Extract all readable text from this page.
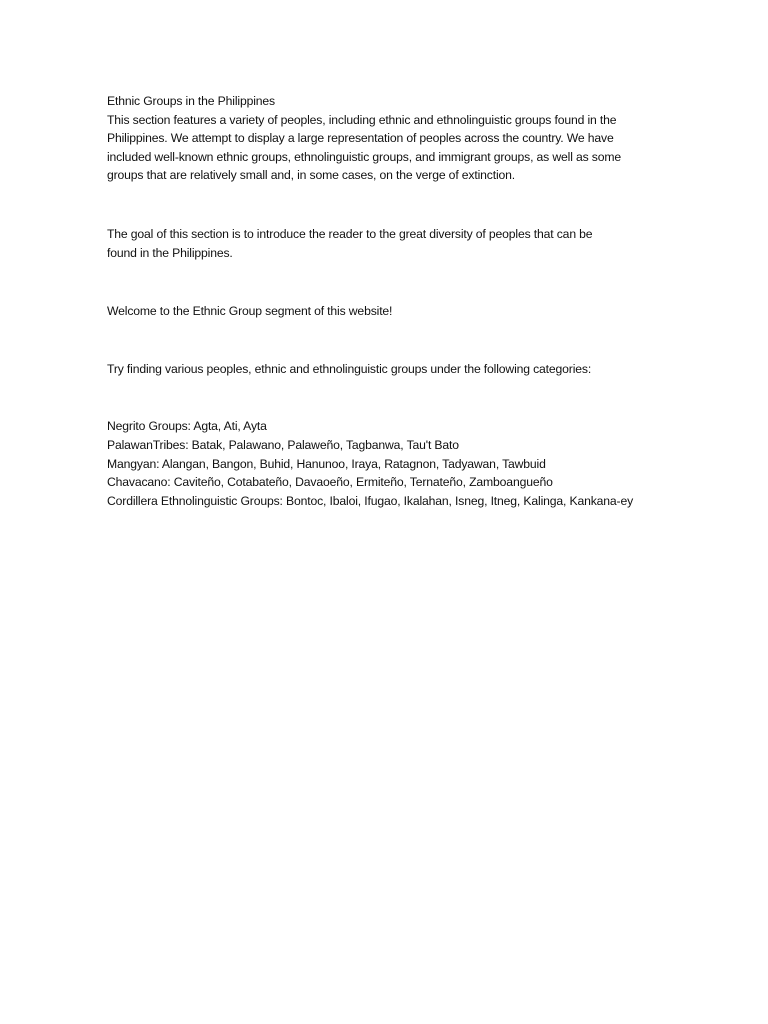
Ethnic Groups in the Philippines

This section features a variety of peoples, including ethnic and ethnolinguistic groups found in the
Philippines. We attempt to display a large representation of peoples across the country. We have
included well-known ethnic groups, ethnolinguistic groups, and immigrant groups, as well as some
groups that are relatively small and, in some cases, on the verge of extinction.

The goal of this section is to introduce the reader to the great diversity of peoples that can be
found in the Philippines.

Welcome to the Ethnic Group segment of this website!

Try finding various peoples, ethnic and ethnolinguistic groups under the following categories:

Negrito Groups: Agta, Ati, Ayta

PalawanTribes: Batak, Palawano, Palaweño, Tagbanwa, Tau't Bato

Mangyan: Alangan, Bangon, Buhid, Hanunoo, Iraya, Ratagnon, Tadyawan, Tawbuid

Chavacano: Caviteño, Cotabateño, Davaoeño, Ermiteño, Ternateño, Zamboangueño

Cordillera Ethnolinguistic Groups: Bontoc, Ibaloi, Ifugao, Ikalahan, Isneg, Itneg, Kalinga, Kankana-ey
